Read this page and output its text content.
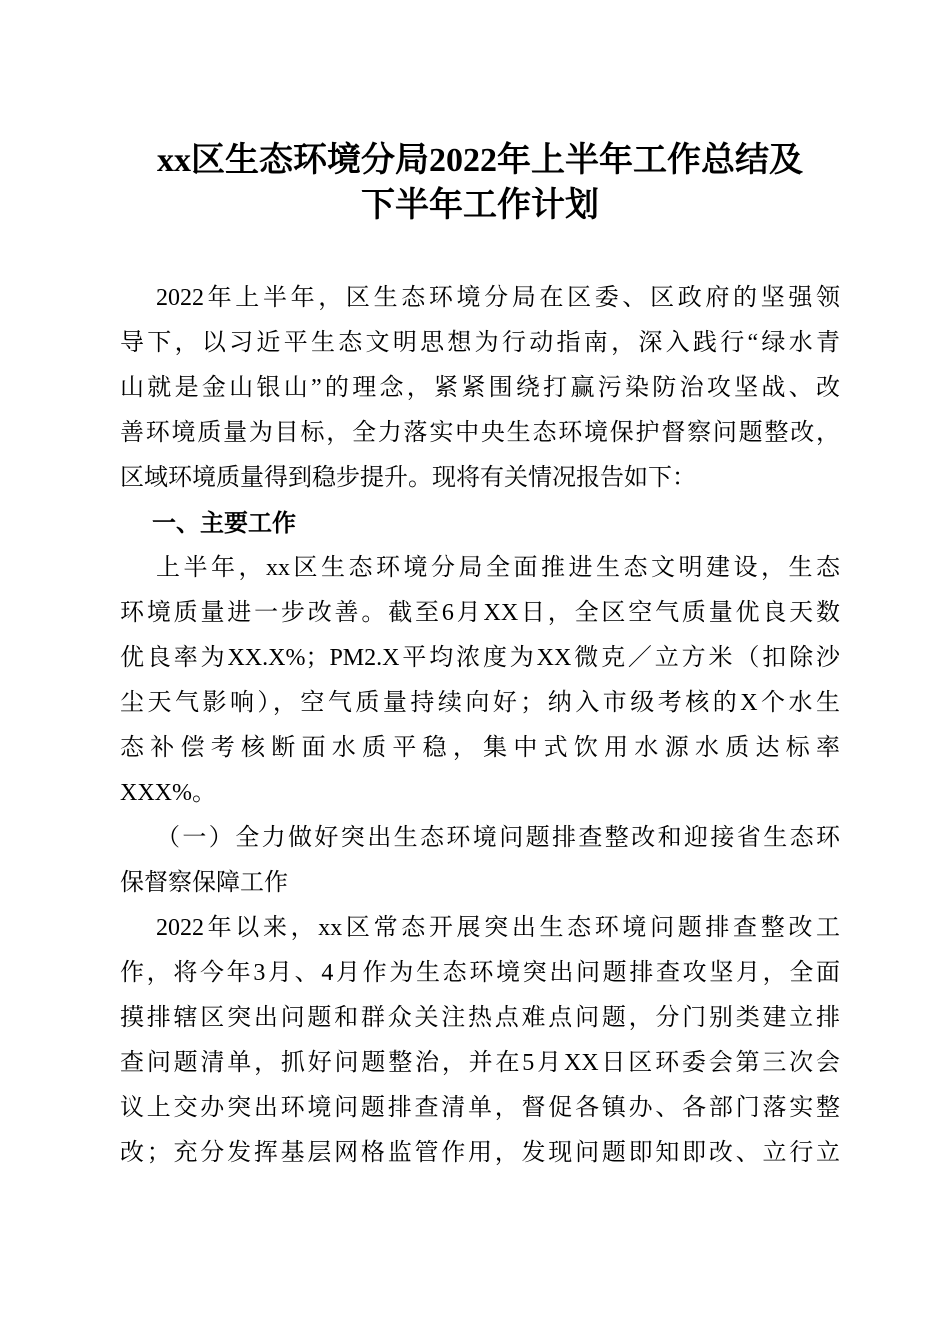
xx区生态环境分局2022年上半年工作总结及
下半年工作计划
2022年上半年，区生态环境分局在区委、区政府的坚强领
导下，以习近平生态文明思想为行动指南，深入践行“绿水青
山就是金山银山”的理念，紧紧围绕打赢污染防治攻坚战、改
善环境质量为目标，全力落实中央生态环境保护督察问题整改，
区域环境质量得到稳步提升。现将有关情况报告如下：
一、主要工作
上半年，xx区生态环境分局全面推进生态文明建设，生态
环境质量进一步改善。截至6月XX日，全区空气质量优良天数
优良率为XX.X%；PM2.X平均浓度为XX微克／立方米（扣除沙
尘天气影响），空气质量持续向好；纳入市级考核的X个水生
态补偿考核断面水质平稳，集中式饮用水源水质达标率
XXX%。
（一）全力做好突出生态环境问题排查整改和迎接省生态环
保督察保障工作
2022年以来，xx区常态开展突出生态环境问题排查整改工
作，将今年3月、4月作为生态环境突出问题排查攻坚月，全面
摸排辖区突出问题和群众关注热点难点问题，分门别类建立排
查问题清单，抓好问题整治，并在5月XX日区环委会第三次会
议上交办突出环境问题排查清单，督促各镇办、各部门落实整
改；充分发挥基层网格监管作用，发现问题即知即改、立行立
